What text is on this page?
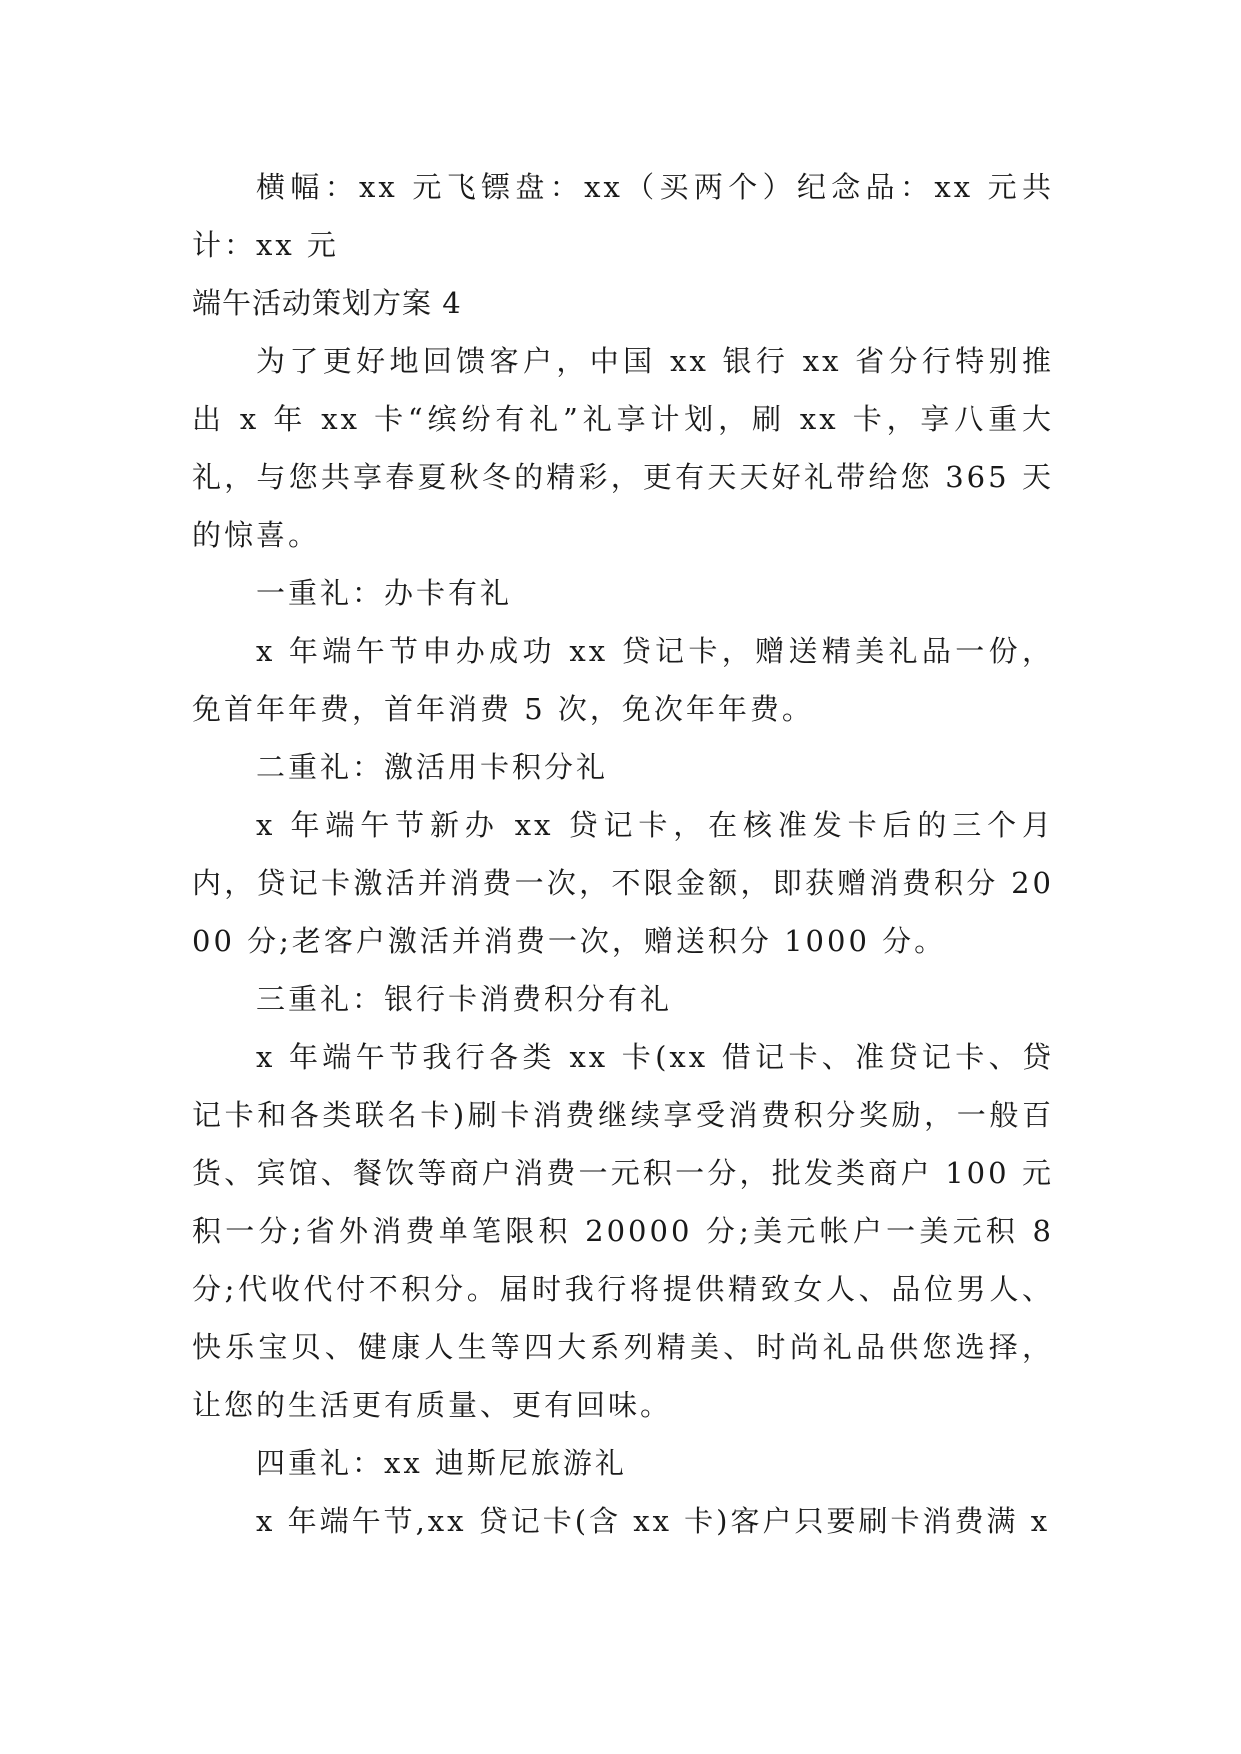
横幅：xx 元飞镖盘：xx（买两个）纪念品：xx 元共计：xx 元

端午活动策划方案 4

为了更好地回馈客户，中国 xx 银行 xx 省分行特别推出 x 年 xx 卡“缤纷有礼”礼享计划，刷 xx 卡，享八重大礼，与您共享春夏秋冬的精彩，更有天天好礼带给您 365 天的惊喜。

一重礼：办卡有礼

x 年端午节申办成功 xx 贷记卡，赠送精美礼品一份，免首年年费，首年消费 5 次，免次年年费。

二重礼：激活用卡积分礼

x 年端午节新办 xx 贷记卡，在核准发卡后的三个月内，贷记卡激活并消费一次，不限金额，即获赠消费积分 2000 分;老客户激活并消费一次，赠送积分 1000 分。

三重礼：银行卡消费积分有礼

x 年端午节我行各类 xx 卡(xx 借记卡、准贷记卡、贷记卡和各类联名卡)刷卡消费继续享受消费积分奖励，一般百货、宾馆、餐饮等商户消费一元积一分，批发类商户 100 元积一分;省外消费单笔限积 20000 分;美元帐户一美元积 8 分;代收代付不积分。届时我行将提供精致女人、品位男人、快乐宝贝、健康人生等四大系列精美、时尚礼品供您选择，让您的生活更有质量、更有回味。

四重礼：xx 迪斯尼旅游礼

x 年端午节,xx 贷记卡(含 xx 卡)客户只要刷卡消费满 x
